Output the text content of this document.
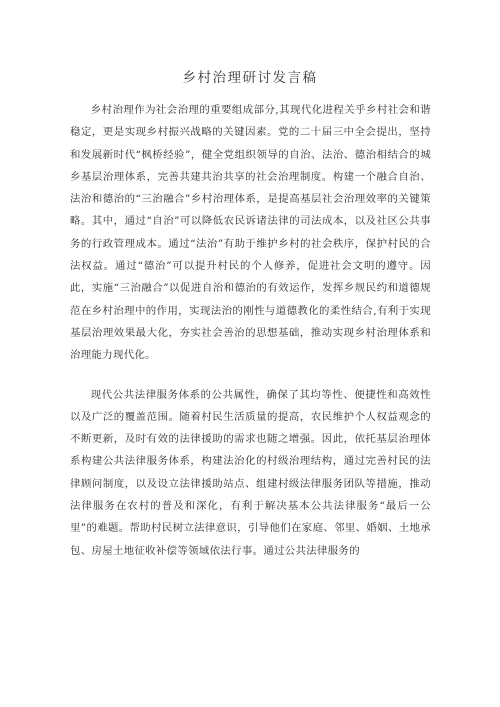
乡村治理研讨发言稿

乡村治理作为社会治理的重要组成部分,其现代化进程关乎乡村社会和谐稳定，更是实现乡村振兴战略的关键因素。党的二十届三中全会提出，坚持和发展新时代“枫桥经验”，健全党组织领导的自治、法治、德治相结合的城乡基层治理体系，完善共建共治共享的社会治理制度。构建一个融合自治、法治和德治的“三治融合”乡村治理体系，是提高基层社会治理效率的关键策略。其中，通过“自治”可以降低农民诉诸法律的司法成本，以及社区公共事务的行政管理成本。通过“法治”有助于维护乡村的社会秩序，保护村民的合法权益。通过“德治”可以提升村民的个人修养，促进社会文明的遵守。因此，实施“三治融合”以促进自治和德治的有效运作，发挥乡规民约和道德规范在乡村治理中的作用，实现法治的刚性与道德教化的柔性结合,有利于实现基层治理效果最大化，夯实社会善治的思想基础，推动实现乡村治理体系和治理能力现代化。

现代公共法律服务体系的公共属性，确保了其均等性、便捷性和高效性以及广泛的覆盖范围。随着村民生活质量的提高，农民维护个人权益观念的不断更新，及时有效的法律援助的需求也随之增强。因此，依托基层治理体系构建公共法律服务体系，构建法治化的村级治理结构，通过完善村民的法律顾问制度，以及设立法律援助站点、组建村级法律服务团队等措施，推动法律服务在农村的普及和深化，有利于解决基本公共法律服务“最后一公里”的难题。帮助村民树立法律意识，引导他们在家庭、邻里、婚姻、土地承包、房屋土地征收补偿等领域依法行事。通过公共法律服务的
